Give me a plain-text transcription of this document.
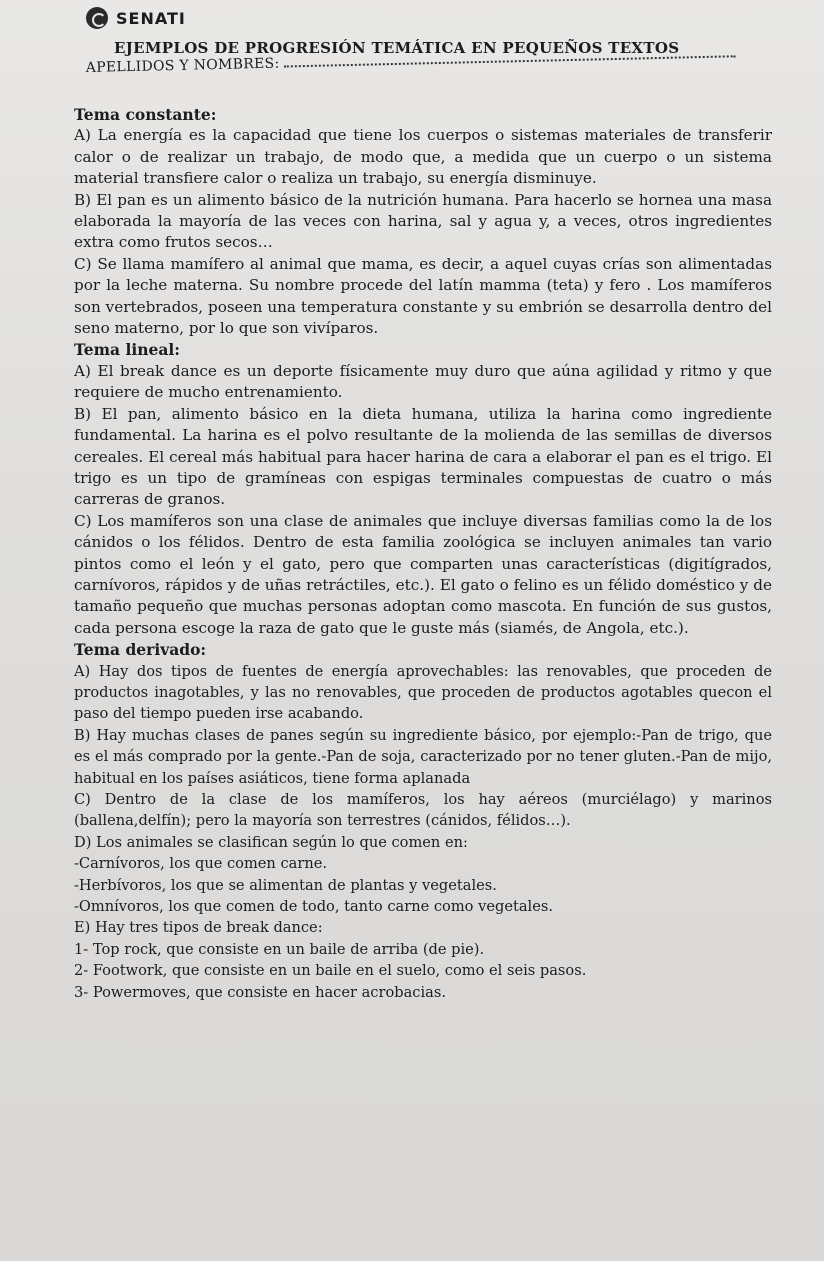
SENATI
EJEMPLOS DE PROGRESIÓN TEMÁTICA EN PEQUEÑOS TEXTOS
APELLIDOS Y NOMBRES:
Tema constante:

A) La energía es la capacidad que tiene los cuerpos o sistemas materiales de transferir calor o de realizar un trabajo, de modo que, a medida que un cuerpo o un sistema material transfiere calor o realiza un trabajo, su energía disminuye.

B) El pan es un alimento básico de la nutrición humana. Para hacerlo se hornea una masa elaborada la mayoría de las veces con harina, sal y agua y, a veces, otros ingredientes extra como frutos secos…

C) Se llama mamífero al animal que mama, es decir, a aquel cuyas crías son alimentadas por la leche materna. Su nombre procede del latín mamma (teta) y fero . Los mamíferos son vertebrados, poseen una temperatura constante y su embrión se desarrolla dentro del seno materno, por lo que son vivíparos.

Tema lineal:

A) El break dance es un deporte físicamente muy duro que aúna agilidad y ritmo y que requiere de mucho entrenamiento.

B) El pan, alimento básico en la dieta humana, utiliza la harina como ingrediente fundamental. La harina es el polvo resultante de la molienda de las semillas de diversos cereales. El cereal más habitual para hacer harina de cara a elaborar el pan es el trigo. El trigo es un tipo de gramíneas con espigas terminales compuestas de cuatro o más carreras de granos.

C) Los mamíferos son una clase de animales que incluye diversas familias como la de los cánidos o los félidos. Dentro de esta familia zoológica se incluyen animales tan vario pintos como el león y el gato, pero que comparten unas características (digitígrados, carnívoros, rápidos y de uñas retráctiles, etc.). El gato o felino es un félido doméstico y de tamaño pequeño que muchas personas adoptan como mascota. En función de sus gustos, cada persona escoge la raza de gato que le guste más (siamés, de Angola, etc.).

Tema derivado:

A) Hay dos tipos de fuentes de energía aprovechables: las renovables, que proceden de productos inagotables, y las no renovables, que proceden de productos agotables quecon el paso del tiempo pueden irse acabando.

B) Hay muchas clases de panes según su ingrediente básico, por ejemplo:-Pan de trigo, que es el más comprado por la gente.-Pan de soja, caracterizado por no tener gluten.-Pan de mijo, habitual en los países asiáticos, tiene forma aplanada

C) Dentro de la clase de los mamíferos, los hay aéreos (murciélago) y marinos (ballena,delfín); pero la mayoría son terrestres (cánidos, félidos…).

D) Los animales se clasifican según lo que comen en:

-Carnívoros, los que comen carne.

-Herbívoros, los que se alimentan de plantas y vegetales.

-Omnívoros, los que comen de todo, tanto carne como vegetales.

E) Hay tres tipos de break dance:

1- Top rock, que consiste en un baile de arriba (de pie).

2- Footwork, que consiste en un baile en el suelo, como el seis pasos.

3- Powermoves, que consiste en hacer acrobacias.
